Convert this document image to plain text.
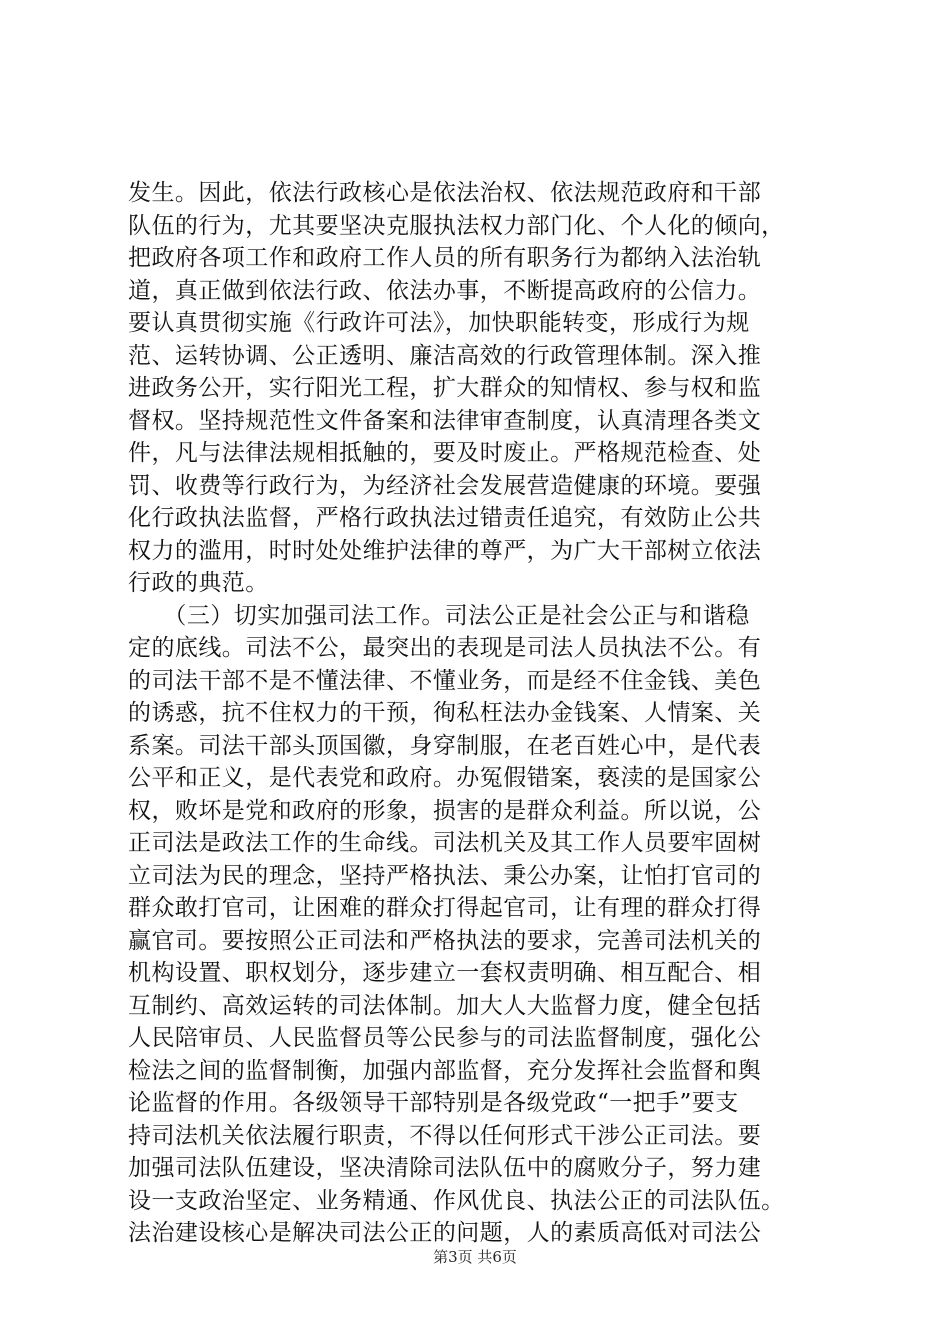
发生。因此，依法行政核心是依法治权、依法规范政府和干部
队伍的行为，尤其要坚决克服执法权力部门化、个人化的倾向，
把政府各项工作和政府工作人员的所有职务行为都纳入法治轨
道，真正做到依法行政、依法办事，不断提高政府的公信力。
要认真贯彻实施《行政许可法》，加快职能转变，形成行为规
范、运转协调、公正透明、廉洁高效的行政管理体制。深入推
进政务公开，实行阳光工程，扩大群众的知情权、参与权和监
督权。坚持规范性文件备案和法律审查制度，认真清理各类文
件，凡与法律法规相抵触的，要及时废止。严格规范检查、处
罚、收费等行政行为，为经济社会发展营造健康的环境。要强
化行政执法监督，严格行政执法过错责任追究，有效防止公共
权力的滥用，时时处处维护法律的尊严，为广大干部树立依法
行政的典范。
　　（三）切实加强司法工作。司法公正是社会公正与和谐稳
定的底线。司法不公，最突出的表现是司法人员执法不公。有
的司法干部不是不懂法律、不懂业务，而是经不住金钱、美色
的诱惑，抗不住权力的干预，徇私枉法办金钱案、人情案、关
系案。司法干部头顶国徽，身穿制服，在老百姓心中，是代表
公平和正义，是代表党和政府。办冤假错案，亵渎的是国家公
权，败坏是党和政府的形象，损害的是群众利益。所以说，公
正司法是政法工作的生命线。司法机关及其工作人员要牢固树
立司法为民的理念，坚持严格执法、秉公办案，让怕打官司的
群众敢打官司，让困难的群众打得起官司，让有理的群众打得
赢官司。要按照公正司法和严格执法的要求，完善司法机关的
机构设置、职权划分，逐步建立一套权责明确、相互配合、相
互制约、高效运转的司法体制。加大人大监督力度，健全包括
人民陪审员、人民监督员等公民参与的司法监督制度，强化公
检法之间的监督制衡，加强内部监督，充分发挥社会监督和舆
论监督的作用。各级领导干部特别是各级党政“一把手”要支
持司法机关依法履行职责，不得以任何形式干涉公正司法。要
加强司法队伍建设，坚决清除司法队伍中的腐败分子，努力建
设一支政治坚定、业务精通、作风优良、执法公正的司法队伍。
法治建设核心是解决司法公正的问题，人的素质高低对司法公
第3页 共6页
